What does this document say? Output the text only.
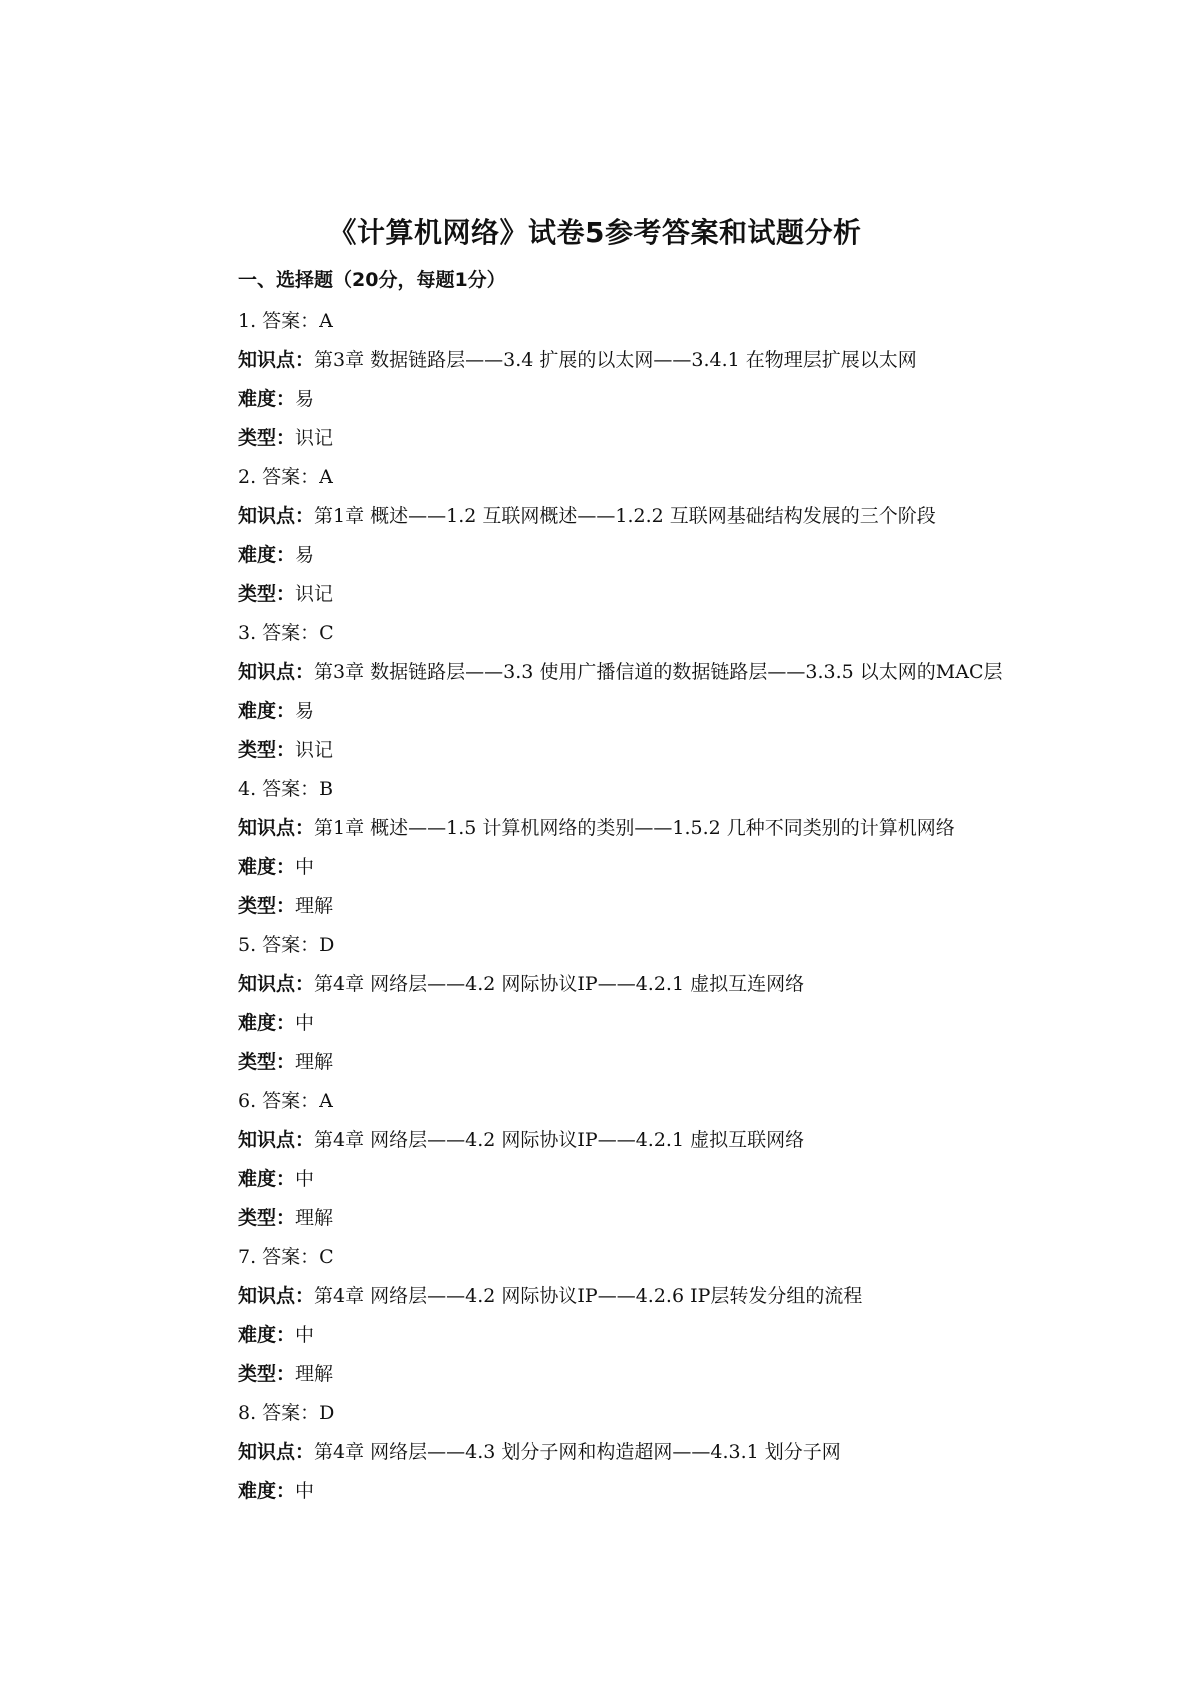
《计算机网络》试卷5参考答案和试题分析
一、选择题（20分，每题1分）
1. 答案：A
知识点：第3章 数据链路层——3.4 扩展的以太网——3.4.1 在物理层扩展以太网
难度：易
类型：识记
2. 答案：A
知识点：第1章 概述——1.2 互联网概述——1.2.2 互联网基础结构发展的三个阶段
难度：易
类型：识记
3. 答案：C
知识点：第3章 数据链路层——3.3 使用广播信道的数据链路层——3.3.5 以太网的MAC层
难度：易
类型：识记
4. 答案：B
知识点：第1章 概述——1.5 计算机网络的类别——1.5.2 几种不同类别的计算机网络
难度：中
类型：理解
5. 答案：D
知识点：第4章 网络层——4.2 网际协议IP——4.2.1 虚拟互连网络
难度：中
类型：理解
6. 答案：A
知识点：第4章 网络层——4.2 网际协议IP——4.2.1 虚拟互联网络
难度：中
类型：理解
7. 答案：C
知识点：第4章 网络层——4.2 网际协议IP——4.2.6 IP层转发分组的流程
难度：中
类型：理解
8. 答案：D
知识点：第4章 网络层——4.3 划分子网和构造超网——4.3.1 划分子网
难度：中
